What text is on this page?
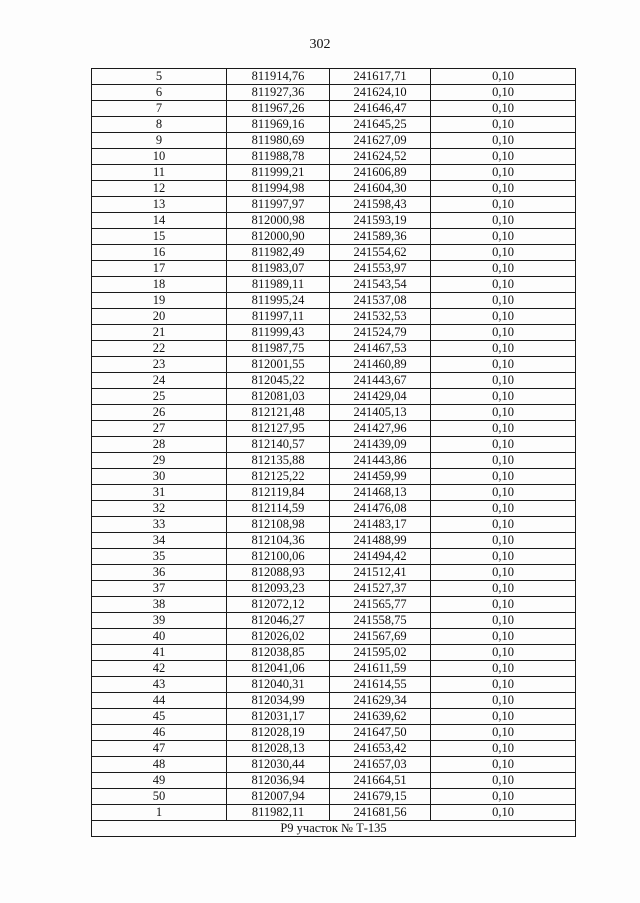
302
5	811914,76	241617,71	0,10
6	811927,36	241624,10	0,10
7	811967,26	241646,47	0,10
8	811969,16	241645,25	0,10
9	811980,69	241627,09	0,10
10	811988,78	241624,52	0,10
11	811999,21	241606,89	0,10
12	811994,98	241604,30	0,10
13	811997,97	241598,43	0,10
14	812000,98	241593,19	0,10
15	812000,90	241589,36	0,10
16	811982,49	241554,62	0,10
17	811983,07	241553,97	0,10
18	811989,11	241543,54	0,10
19	811995,24	241537,08	0,10
20	811997,11	241532,53	0,10
21	811999,43	241524,79	0,10
22	811987,75	241467,53	0,10
23	812001,55	241460,89	0,10
24	812045,22	241443,67	0,10
25	812081,03	241429,04	0,10
26	812121,48	241405,13	0,10
27	812127,95	241427,96	0,10
28	812140,57	241439,09	0,10
29	812135,88	241443,86	0,10
30	812125,22	241459,99	0,10
31	812119,84	241468,13	0,10
32	812114,59	241476,08	0,10
33	812108,98	241483,17	0,10
34	812104,36	241488,99	0,10
35	812100,06	241494,42	0,10
36	812088,93	241512,41	0,10
37	812093,23	241527,37	0,10
38	812072,12	241565,77	0,10
39	812046,27	241558,75	0,10
40	812026,02	241567,69	0,10
41	812038,85	241595,02	0,10
42	812041,06	241611,59	0,10
43	812040,31	241614,55	0,10
44	812034,99	241629,34	0,10
45	812031,17	241639,62	0,10
46	812028,19	241647,50	0,10
47	812028,13	241653,42	0,10
48	812030,44	241657,03	0,10
49	812036,94	241664,51	0,10
50	812007,94	241679,15	0,10
1	811982,11	241681,56	0,10
Р9 участок № Т-135			
